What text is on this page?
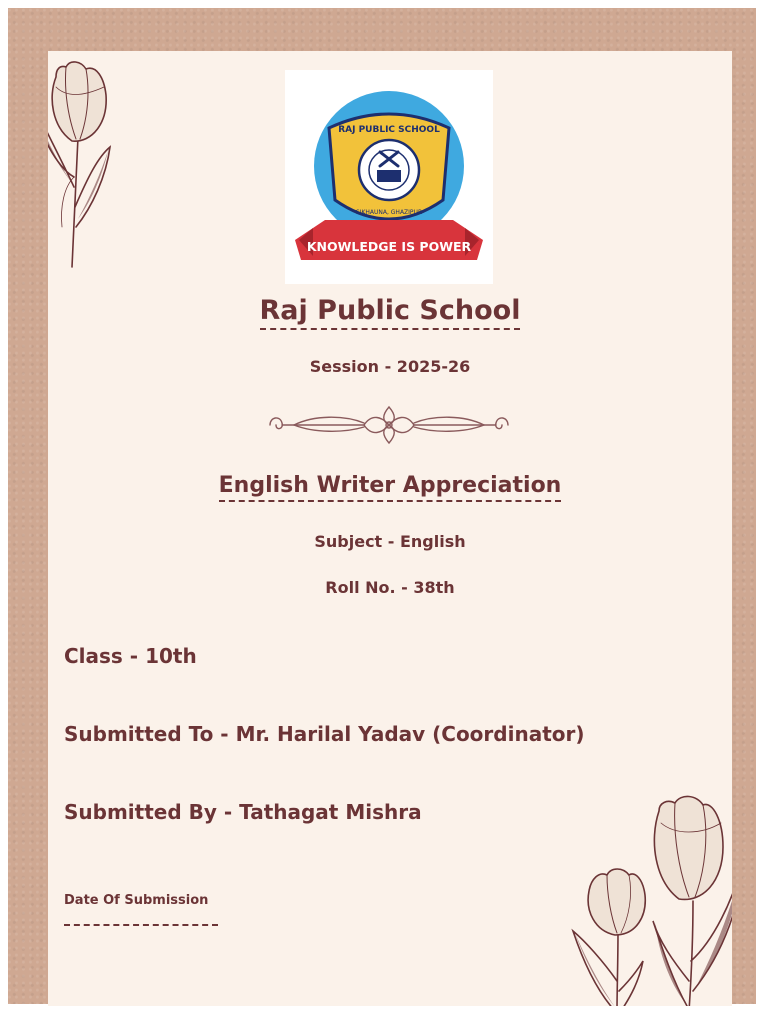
RAJ PUBLIC SCHOOL
SIKHAUNA, GHAZIPUR
KNOWLEDGE IS POWER
Raj Public School
Session - 2025-26
English Writer Appreciation
Subject - English
Roll No. - 38th
Class - 10th
Submitted To - Mr. Harilal Yadav (Coordinator)
Submitted By - Tathagat Mishra
Date Of Submission
